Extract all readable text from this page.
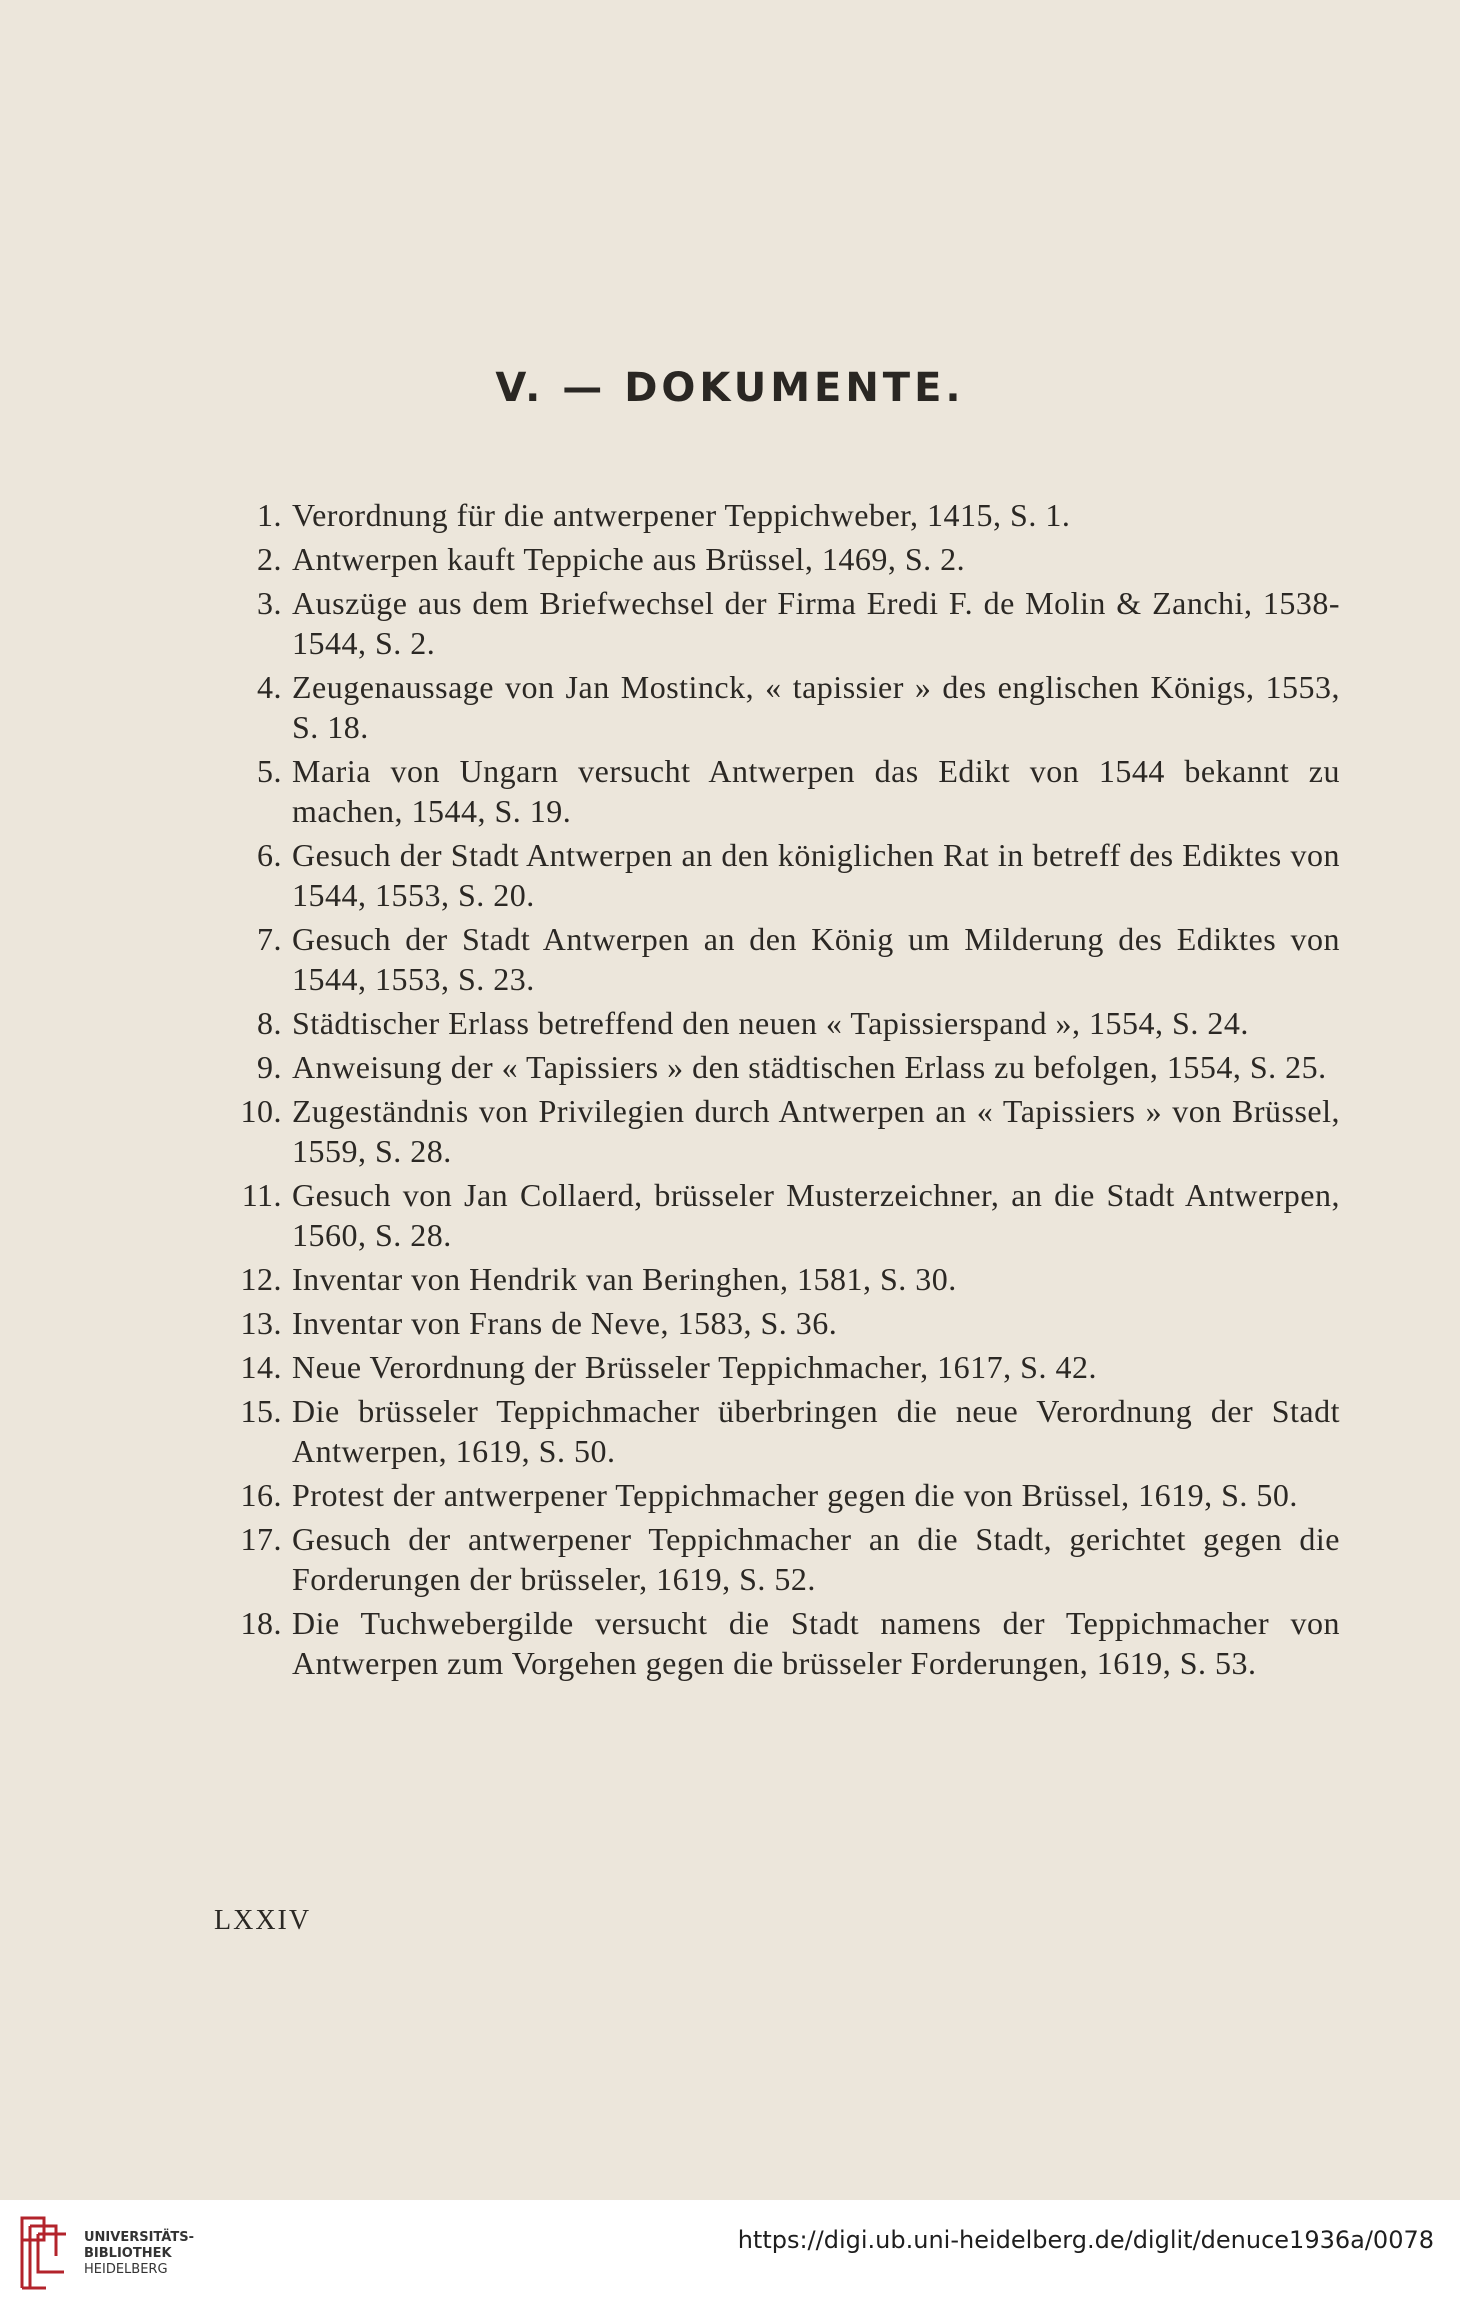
V. — DOKUMENTE.
1. Verordnung für die antwerpener Teppichweber, 1415, S. 1.
2. Antwerpen kauft Teppiche aus Brüssel, 1469, S. 2.
3. Auszüge aus dem Briefwechsel der Firma Eredi F. de Molin & Zanchi, 1538-1544, S. 2.
4. Zeugenaussage von Jan Mostinck, « tapissier » des englischen Königs, 1553, S. 18.
5. Maria von Ungarn versucht Antwerpen das Edikt von 1544 bekannt zu machen, 1544, S. 19.
6. Gesuch der Stadt Antwerpen an den königlichen Rat in betreff des Ediktes von 1544, 1553, S. 20.
7. Gesuch der Stadt Antwerpen an den König um Milderung des Ediktes von 1544, 1553, S. 23.
8. Städtischer Erlass betreffend den neuen « Tapissierspand », 1554, S. 24.
9. Anweisung der « Tapissiers » den städtischen Erlass zu befolgen, 1554, S. 25.
10. Zugeständnis von Privilegien durch Antwerpen an « Tapissiers » von Brüssel, 1559, S. 28.
11. Gesuch von Jan Collaerd, brüsseler Musterzeichner, an die Stadt Antwerpen, 1560, S. 28.
12. Inventar von Hendrik van Beringhen, 1581, S. 30.
13. Inventar von Frans de Neve, 1583, S. 36.
14. Neue Verordnung der Brüsseler Teppichmacher, 1617, S. 42.
15. Die brüsseler Teppichmacher überbringen die neue Verordnung der Stadt Antwerpen, 1619, S. 50.
16. Protest der antwerpener Teppichmacher gegen die von Brüssel, 1619, S. 50.
17. Gesuch der antwerpener Teppichmacher an die Stadt, gerichtet gegen die Forderungen der brüsseler, 1619, S. 52.
18. Die Tuchwebergilde versucht die Stadt namens der Teppichmacher von Antwerpen zum Vorgehen gegen die brüsseler Forderungen, 1619, S. 53.
LXXIV
UNIVERSITÄTS-
BIBLIOTHEK
HEIDELBERG
https://digi.ub.uni-heidelberg.de/diglit/denuce1936a/0078
